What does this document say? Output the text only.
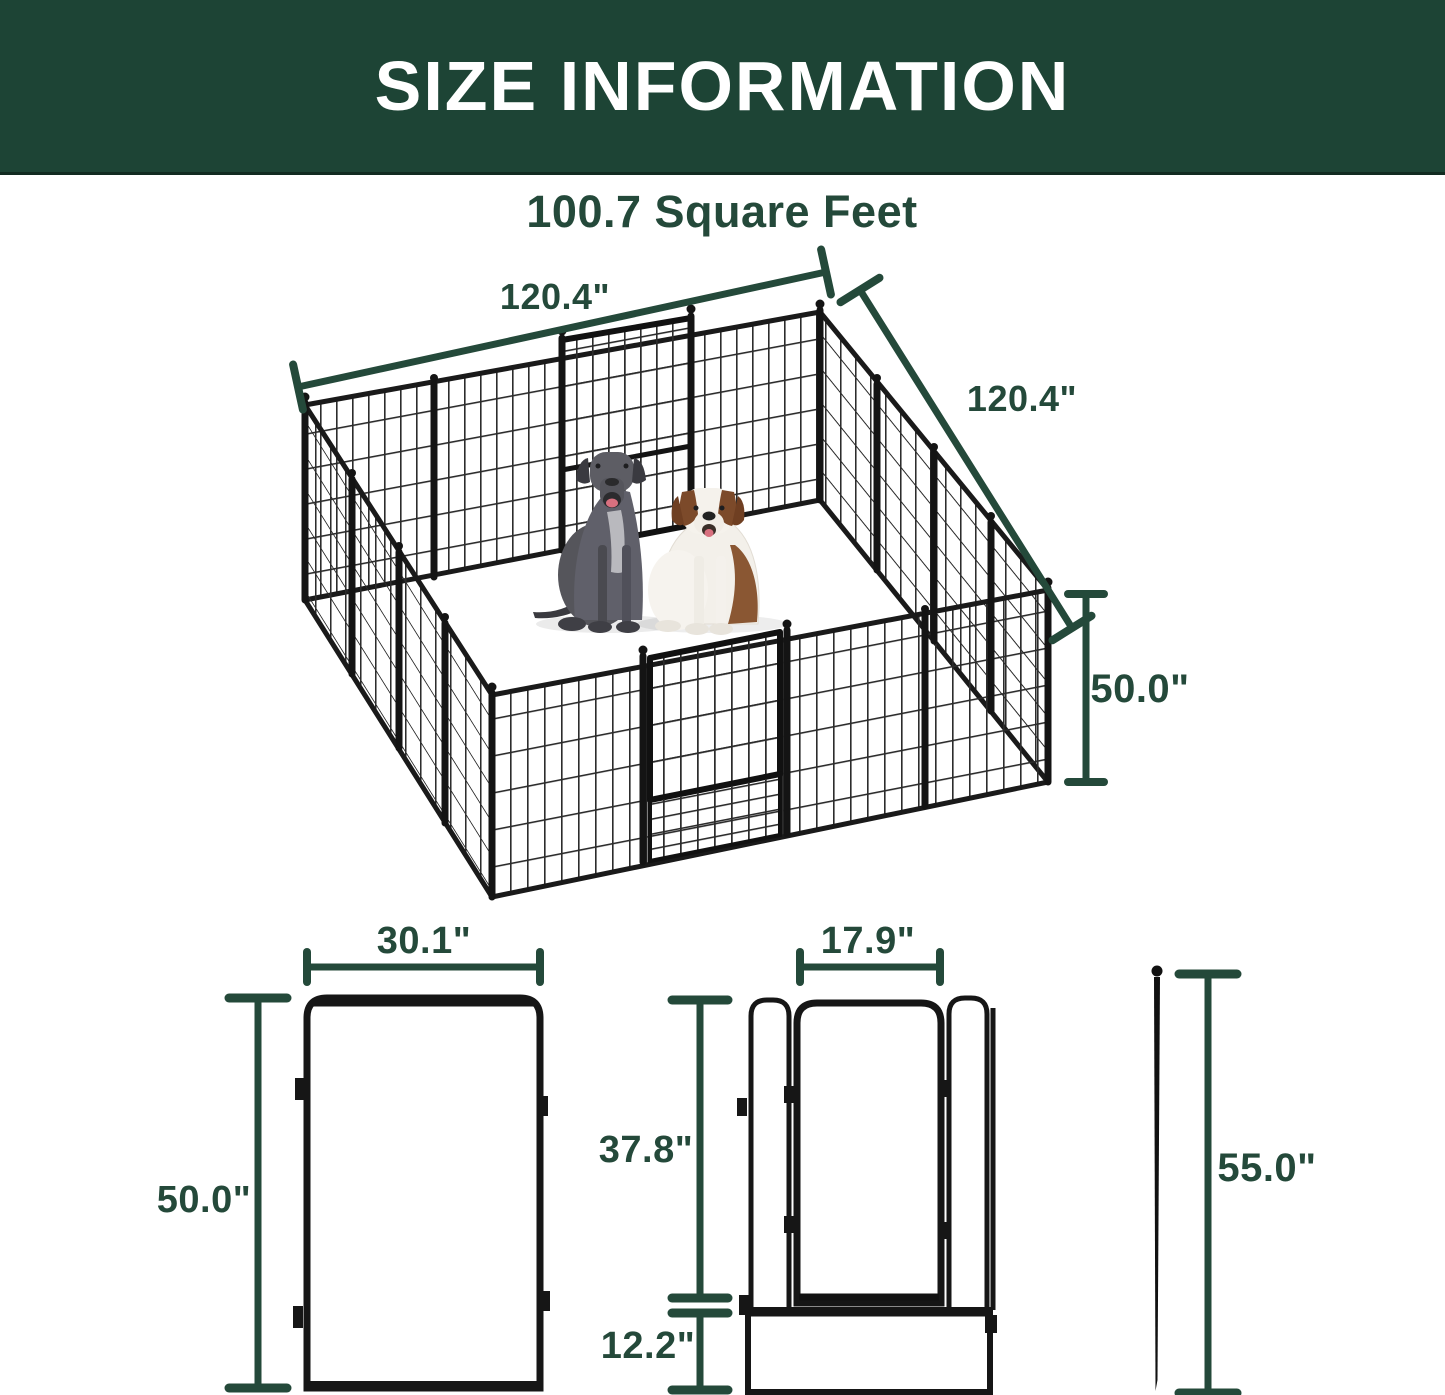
SIZE INFORMATION
100.7 Square Feet
120.4"
120.4"
50.0"
30.1"
50.0"
17.9"
37.8"
12.2"
55.0"
